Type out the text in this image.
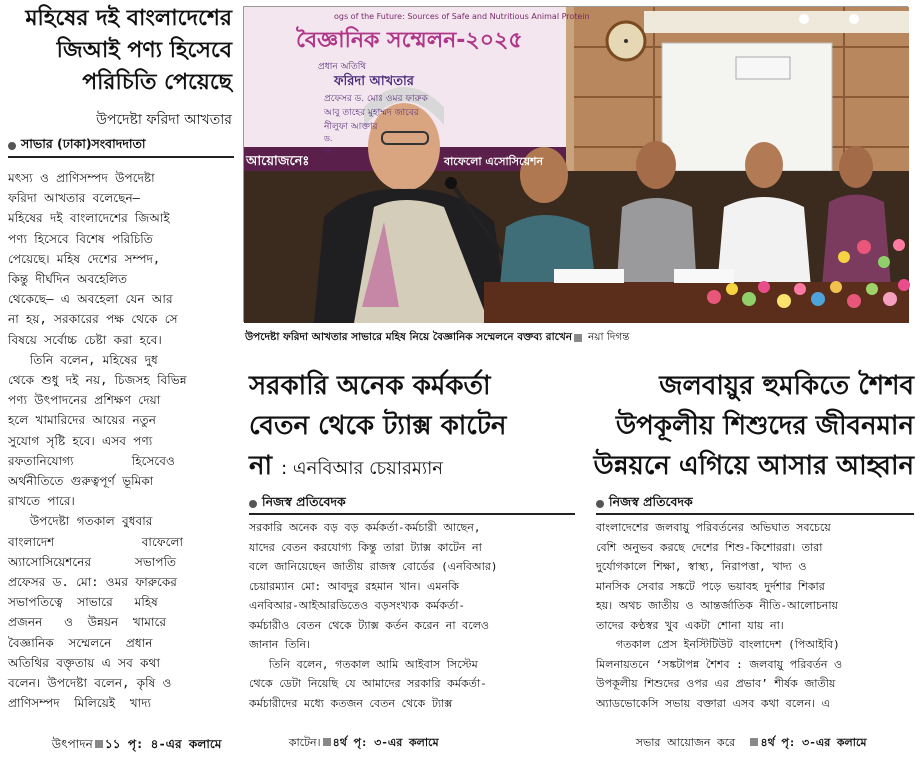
মহিষের দই বাংলাদেশের
জিআই পণ্য হিসেবে
পরিচিতি পেয়েছে
উপদেষ্টা ফরিদা আখতার
সাভার (ঢাকা)সংবাদদাতা
মৎস্য ও প্রাণিসম্পদ উপদেষ্টা
ফরিদা আখতার বলেছেন–
মহিষের দই বাংলাদেশের জিআই
পণ্য হিসেবে বিশেষ পরিচিতি
পেয়েছে। মহিষ দেশের সম্পদ,
কিন্তু দীর্ঘদিন অবহেলিত
থেকেছে– এ অবহেলা যেন আর
না হয়, সরকারের পক্ষ থেকে সে
বিষয়ে সর্বোচ্চ চেষ্টা করা হবে।
তিনি বলেন, মহিষের দুধ
থেকে শুধু দই নয়, চিজসহ বিভিন্ন
পণ্য উৎপাদনের প্রশিক্ষণ দেয়া
হলে খামারিদের আয়ের নতুন
সুযোগ সৃষ্টি হবে। এসব পণ্য
রফতানিযোগ্য        হিসেবেও
অর্থনীতিতে গুরুত্বপূর্ণ ভূমিকা
রাখতে পারে।
উপদেষ্টা গতকাল বুধবার
বাংলাদেশ            বাফেলো
অ্যাসোসিয়েশনের      সভাপতি
প্রফেসর ড. মো: ওমর ফারুকের
সভাপতিত্বে  সাভারে   মহিষ
প্রজনন   ও  উন্নয়ন  খামারে
বৈজ্ঞানিক  সম্মেলনে  প্রধান
অতিথির বক্তৃতায় এ সব কথা
বলেন। উপদেষ্টা বলেন, কৃষি ও
প্রাণিসম্পদ  মিলিয়েই  খাদ্য

উৎপাদন ১১ পৃ: ৪-এর কলামে

ogs of the Future: Sources of Safe and Nutritious Animal Protein
বৈজ্ঞানিক সম্মেলন-২০২৫
প্রধান অতিথি
ফরিদা আখতার
প্রফেসর ড. মোঃ ওমর ফারুক
আবু তাহের মুহাম্মদ জাবের
নীলুফা আক্তার
ড.
ড.
আয়োজনেঃ	বাফেলো এসোসিয়েশন
উপদেষ্টা ফরিদা আখতার সাভারে মহিষ নিয়ে বৈজ্ঞানিক সম্মেলনে বক্তব্য রাখেন নয়া দিগন্ত
সরকারি অনেক কর্মকর্তা
বেতন থেকে ট্যাক্স কাটেন
না : এনবিআর চেয়ারম্যান
নিজস্ব প্রতিবেদক
সরকারি অনেক বড় বড় কর্মকর্তা-কর্মচারী আছেন,
যাদের বেতন করযোগ্য কিন্তু তারা ট্যাক্স কাটেন না
বলে জানিয়েছেন জাতীয় রাজস্ব বোর্ডের (এনবিআর)
চেয়ারম্যান মো: আবদুর রহমান খান। এমনকি
এনবিআর-আইআরডিতেও বড়সংখ্যক কর্মকর্তা-
কর্মচারীও বেতন থেকে ট্যাক্স কর্তন করেন না বলেও
জানান তিনি।
তিনি বলেন, গতকাল আমি আইবাস সিস্টেম
থেকে ডেটা নিয়েছি যে আমাদের সরকারি কর্মকর্তা-
কর্মচারীদের মধ্যে কতজন বেতন থেকে ট্যাক্স

কাটেন। ৪র্থ পৃ: ৩-এর কলামে

জলবায়ুর হুমকিতে শৈশব
উপকূলীয় শিশুদের জীবনমান
উন্নয়নে এগিয়ে আসার আহ্বান
নিজস্ব প্রতিবেদক
বাংলাদেশের জলবায়ু পরিবর্তনের অভিঘাত সবচেয়ে
বেশি অনুভব করছে দেশের শিশু-কিশোররা। তারা
দুর্যোগকালে শিক্ষা, স্বাস্থ্য, নিরাপত্তা, খাদ্য ও
মানসিক সেবার সঙ্কটে পড়ে ভয়াবহ দুর্দশার শিকার
হয়। অথচ জাতীয় ও আন্তর্জাতিক নীতি-আলোচনায়
তাদের কণ্ঠস্বর খুব একটা শোনা যায় না।
গতকাল প্রেস ইনস্টিটিউট বাংলাদেশ (পিআইবি)
মিলনায়তনে ‘সঙ্কটাপন্ন শৈশব : জলবায়ু পরিবর্তন ও
উপকূলীয় শিশুদের ওপর এর প্রভাব’ শীর্ষক জাতীয়
অ্যাডভোকেসি সভায় বক্তারা এসব কথা বলেন। এ

সভার আয়োজন করে ৪র্থ পৃ: ৩-এর কলামে
